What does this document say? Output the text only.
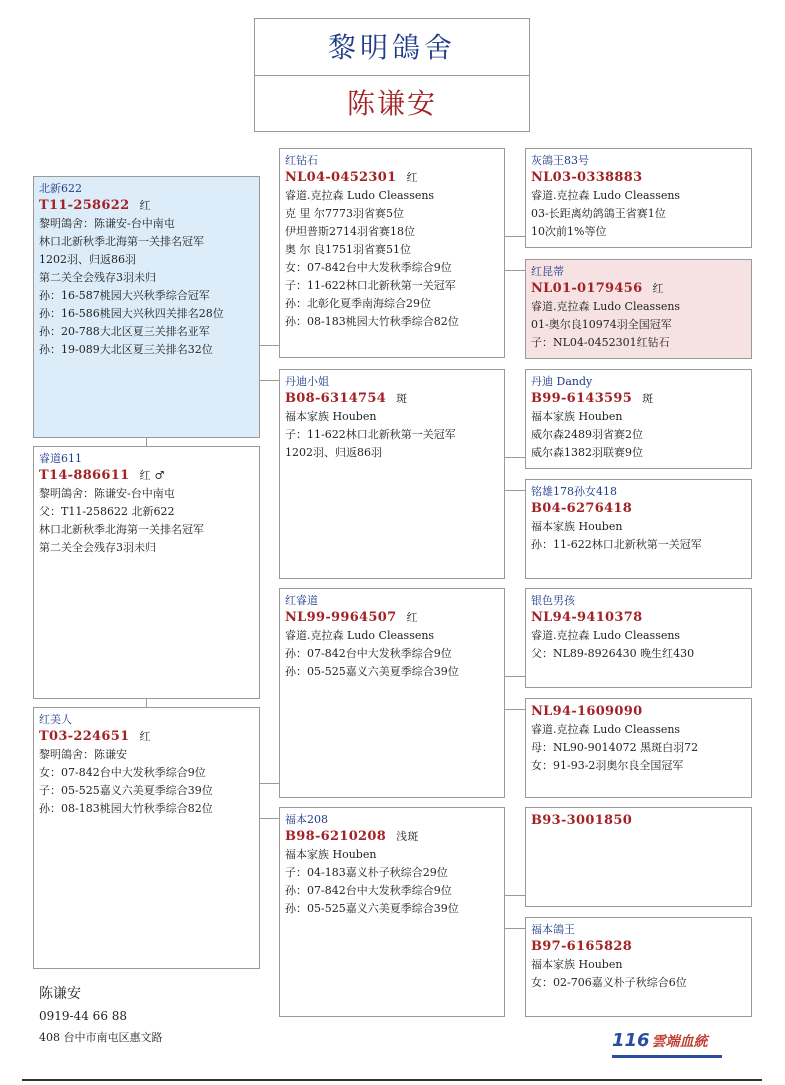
黎明鴿舍
陈谦安
北新622
T11-258622 红
黎明鴿舍：陈谦安-台中南屯
林口北新秋季北海第一关排名冠军
1202羽、归返86羽
第二关全会残存3羽未归
孙：16-587桃园大兴秋季综合冠军
孙：16-586桃园大兴秋四关排名28位
孙：20-788大北区夏三关排名亚军
孙：19-089大北区夏三关排名32位
睿道611
T14-886611 红 ♂
黎明鴿舍：陈谦安-台中南屯
父：T11-258622 北新622
林口北新秋季北海第一关排名冠军
第二关全会残存3羽未归
红美人
T03-224651 红
黎明鴿舍：陈谦安
女：07-842台中大发秋季综合9位
子：05-525嘉义六美夏季综合39位
孙：08-183桃园大竹秋季综合82位
红钻石
NL04-0452301 红
睿道.克拉森 Ludo Cleassens
克 里 尔7773羽省赛5位
伊坦普斯2714羽省赛18位
奥 尔 良1751羽省赛51位
女：07-842台中大发秋季综合9位
子：11-622林口北新秋第一关冠军
孙：北彰化夏季南海综合29位
孙：08-183桃园大竹秋季综合82位
丹迪小姐
B08-6314754 斑
福本家族 Houben
子：11-622林口北新秋第一关冠军
1202羽、归返86羽
红睿道
NL99-9964507 红
睿道.克拉森 Ludo Cleassens
孙：07-842台中大发秋季综合9位
孙：05-525嘉义六美夏季综合39位
福本208
B98-6210208 浅斑
福本家族 Houben
子：04-183嘉义朴子秋综合29位
孙：07-842台中大发秋季综合9位
孙：05-525嘉义六美夏季综合39位
灰鴿王83号
NL03-0338883
睿道.克拉森 Ludo Cleassens
03-长距离幼鸽鴿王省赛1位
10次前1%等位
红昆蒂
NL01-0179456 红
睿道.克拉森 Ludo Cleassens
01-奥尔良10974羽全国冠军
子：NL04-0452301红钻石
丹迪 Dandy
B99-6143595 斑
福本家族 Houben
威尔森2489羽省赛2位
威尔森1382羽联赛9位
铭雄178孙女418
B04-6276418
福本家族 Houben
孙：11-622林口北新秋第一关冠军
银色男孩
NL94-9410378
睿道.克拉森 Ludo Cleassens
父：NL89-8926430 晚生红430
NL94-1609090
睿道.克拉森 Ludo Cleassens
母：NL90-9014072 黑斑白羽72
女：91-93-2羽奥尔良全国冠军
B93-3001850
福本鴿王
B97-6165828
福本家族 Houben
女：02-706嘉义朴子秋综合6位
陈谦安
0919-44 66 88
408 台中市南屯区惠文路	116 雲端血統
